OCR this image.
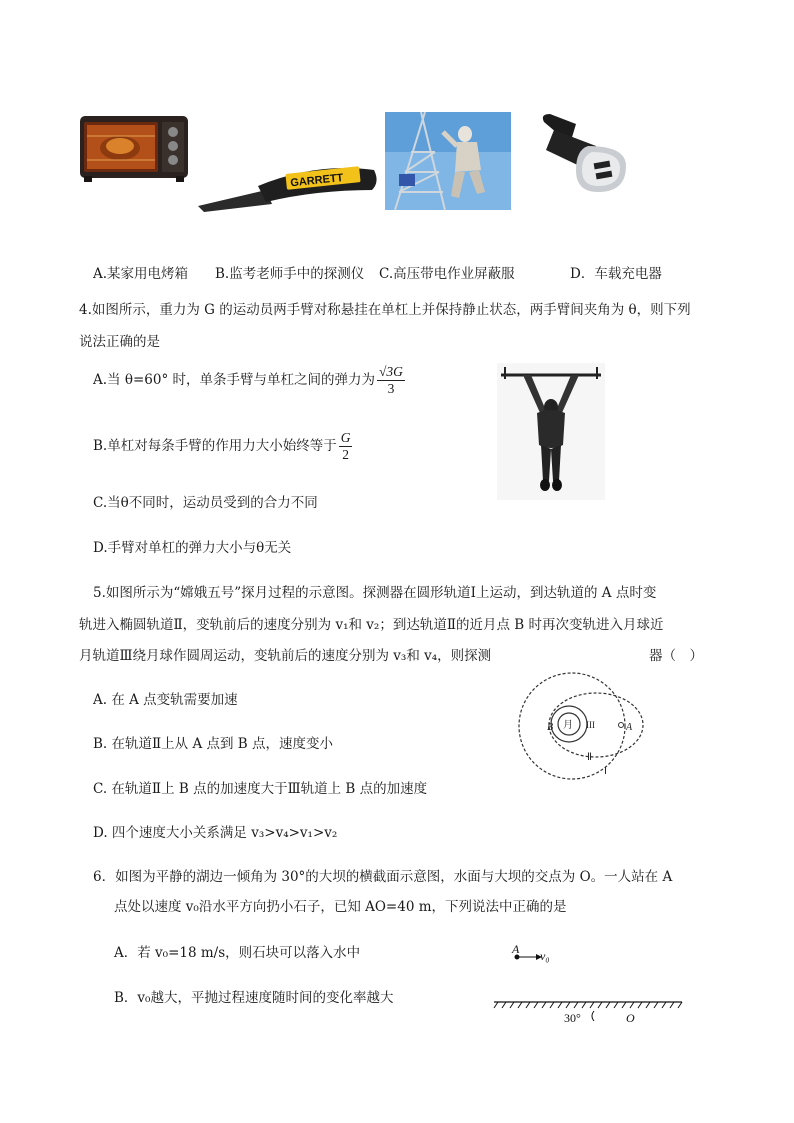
GARRETT
A.某家用电烤箱 B.监考老师手中的探测仪 C.高压带电作业屏蔽服	D．车载充电器
4.如图所示，重力为 G 的运动员两手臂对称悬挂在单杠上并保持静止状态，两手臂间夹角为 θ，则下列
说法正确的是
A.当 θ=60° 时，单条手臂与单杠之间的弹力为 $\frac{√3G}{3}$
B.单杠对每条手臂的作用力大小始终等于 $\frac{G}{2}$
C.当θ不同时，运动员受到的合力不同
D.手臂对单杠的弹力大小与θ无关
5.如图所示为“嫦娥五号”探月过程的示意图。探测器在圆形轨道Ⅰ上运动，到达轨道的 A 点时变
轨进入椭圆轨道Ⅱ，变轨前后的速度分别为 v₁和 v₂；到达轨道Ⅱ的近月点 B 时再次变轨进入月球近
月轨道Ⅲ绕月球作圆周运动，变轨前后的速度分别为 v₃和 v₄，则探测	器（　）
A. 在 A 点变轨需要加速
B. 在轨道Ⅱ上从 A 点到 B 点，速度变小
C. 在轨道Ⅱ上 B 点的加速度大于Ⅲ轨道上 B 点的加速度
D. 四个速度大小关系满足 v₃>v₄>v₁>v₂
月
B	A
III
Ⅱ
Ⅰ
6．如图为平静的湖边一倾角为 30°的大坝的横截面示意图，水面与大坝的交点为 O。一人站在 A
点处以速度 v₀沿水平方向扔小石子，已知 AO=40 m，下列说法中正确的是
A．若 v₀=18 m/s，则石块可以落入水中
B．v₀越大，平抛过程速度随时间的变化率越大
A v₀
30°	O
